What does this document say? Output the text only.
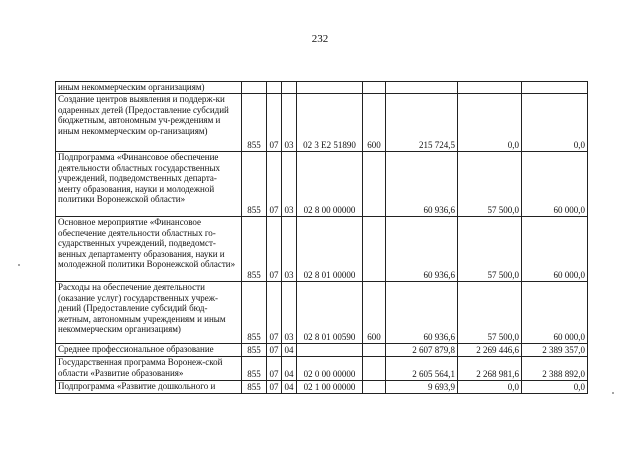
232
иным некоммерческим организациям)								
Создание центров выявления и поддерж-ки одаренных детей (Предоставление субсидий бюджетным, автономным уч-реждениям и иным некоммерческим ор-ганизациям)	855	07	03	02 3 E2 51890	600	215 724,5	0,0	0,0
Подпрограмма «Финансовое обеспечение деятельности областных государственных учреждений, подведомственных департа-менту образования, науки и молодежной политики Воронежской области»	855	07	03	02 8 00 00000		60 936,6	57 500,0	60 000,0
Основное мероприятие «Финансовое обеспечение деятельности областных го-сударственных учреждений, подведомст-венных департаменту образования, науки и молодежной политики Воронежской области»	855	07	03	02 8 01 00000		60 936,6	57 500,0	60 000,0
Расходы на обеспечение деятельности (оказание услуг) государственных учреж-дений (Предоставление субсидий бюд-жетным, автономным учреждениям и иным некоммерческим организациям)	855	07	03	02 8 01 00590	600	60 936,6	57 500,0	60 000,0
Среднее профессиональное образование	855	07	04			2 607 879,8	2 269 446,6	2 389 357,0
Государственная программа Воронеж-ской области «Развитие образования»	855	07	04	02 0 00 00000		2 605 564,1	2 268 981,6	2 388 892,0
Подпрограмма «Развитие дошкольного и	855	07	04	02 1 00 00000		9 693,9	0,0	0,0
